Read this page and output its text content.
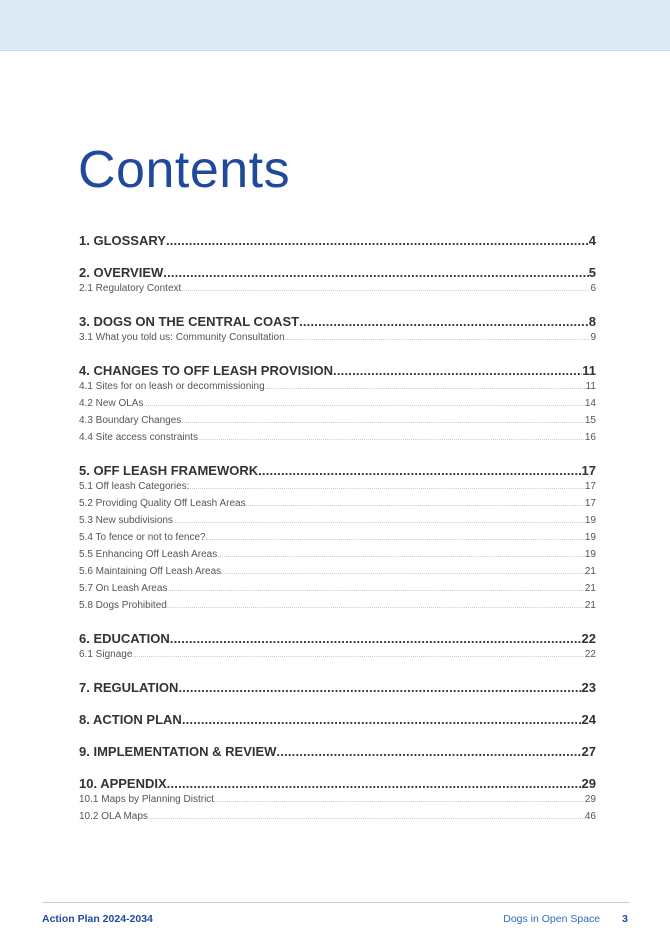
Contents
1. GLOSSARY .....	4
2. OVERVIEW .....	5
2.1 Regulatory Context .....	6
3. DOGS ON THE CENTRAL COAST .....	8
3.1 What you told us: Community Consultation .....	9
4. CHANGES TO OFF LEASH PROVISION .....	11
4.1 Sites for on leash or decommissioning .....	11
4.2 New OLAs .....	14
4.3 Boundary Changes .....	15
4.4 Site access constraints .....	16
5. OFF LEASH FRAMEWORK .....	17
5.1 Off leash Categories: .....	17
5.2 Providing Quality Off Leash Areas .....	17
5.3 New subdivisions .....	19
5.4 To fence or not to fence? .....	19
5.5 Enhancing Off Leash Areas .....	19
5.6 Maintaining Off Leash Areas .....	21
5.7 On Leash Areas .....	21
5.8 Dogs Prohibited .....	21
6. EDUCATION .....	22
6.1 Signage .....	22
7. REGULATION .....	23
8. ACTION PLAN .....	24
9. IMPLEMENTATION & REVIEW .....	27
10. APPENDIX .....	29
10.1 Maps by Planning District .....	29
10.2 OLA Maps .....	46
Action Plan 2024-2034	Dogs in Open Space 3
